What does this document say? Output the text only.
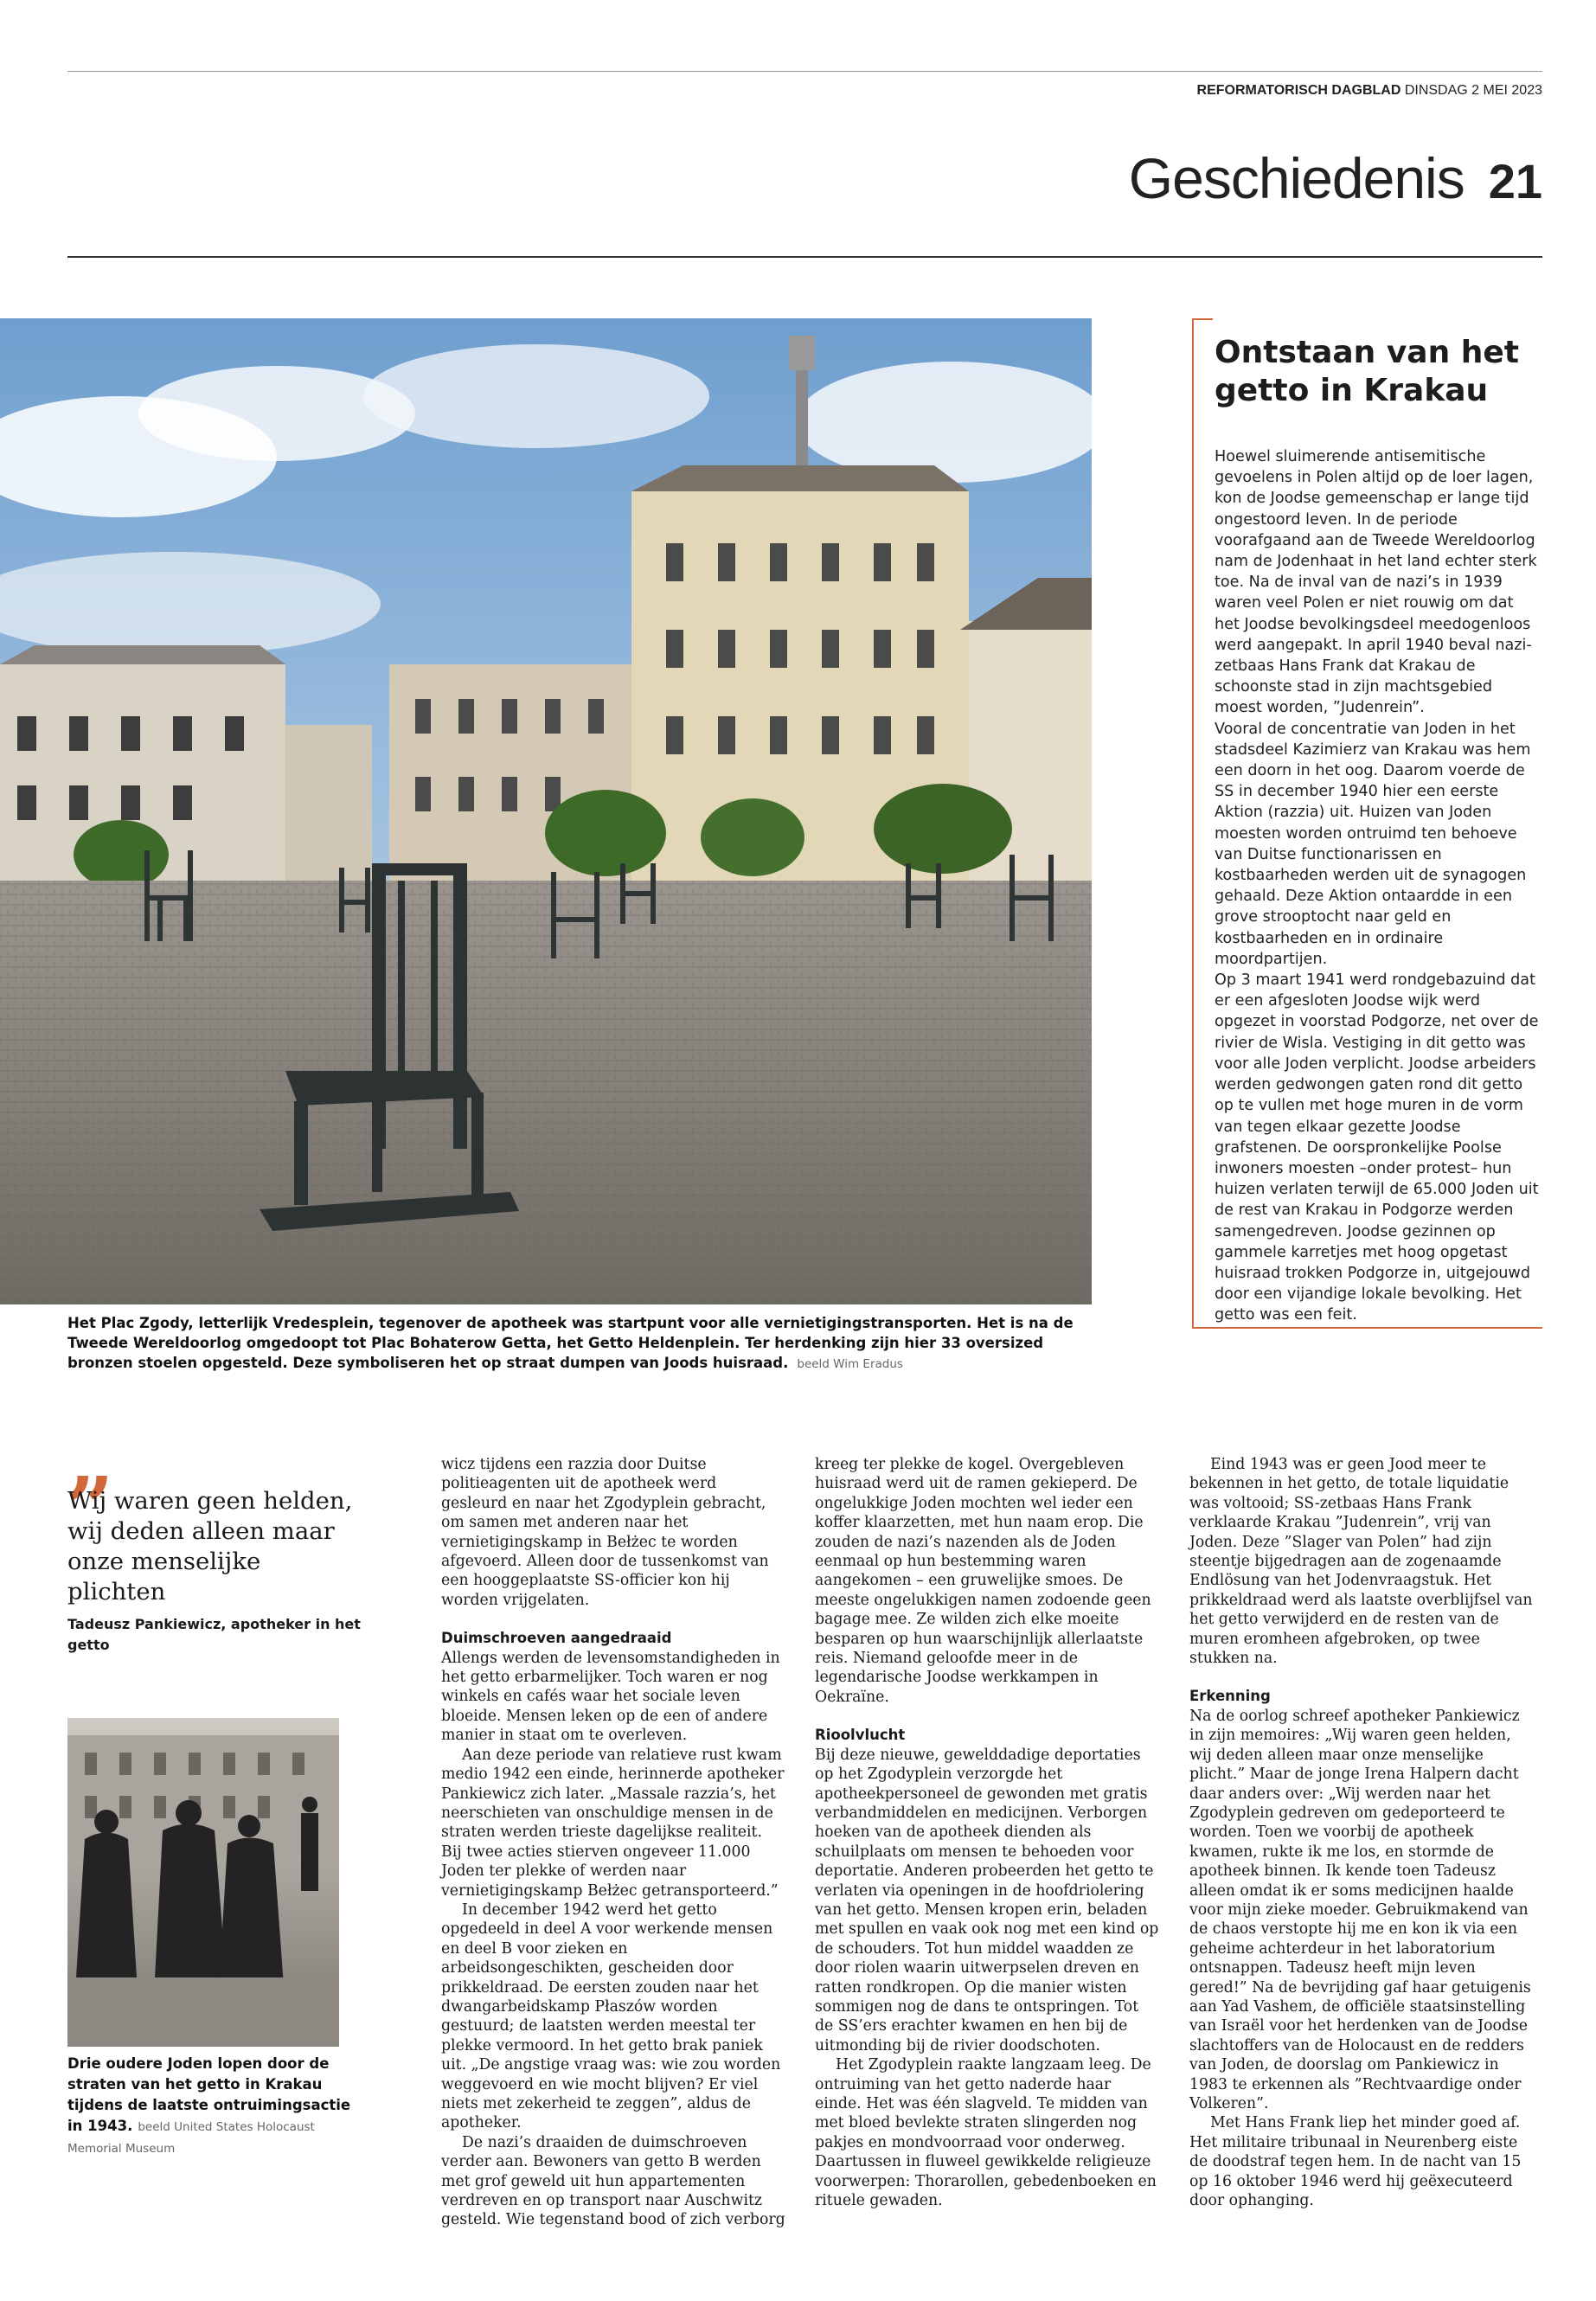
REFORMATORISCH DAGBLAD DINSDAG 2 MEI 2023
Geschiedenis 21
Het Plac Zgody, letterlijk Vredesplein, tegenover de apotheek was startpunt voor alle vernietigingstransporten. Het is na de Tweede Wereldoorlog omgedoopt tot Plac Bohaterow Getta, het Getto Heldenplein. Ter herdenking zijn hier 33 oversized bronzen stoelen opgesteld. Deze symboliseren het op straat dumpen van Joods huisraad. beeld Wim Eradus
Ontstaan van het getto in Krakau

Hoewel sluimerende antisemitische gevoelens in Polen altijd op de loer lagen, kon de Joodse gemeenschap er lange tijd ongestoord leven. In de periode voorafgaand aan de Tweede Wereldoorlog nam de Jodenhaat in het land echter sterk toe. Na de inval van de nazi’s in 1939 waren veel Polen er niet rouwig om dat het Joodse bevolkingsdeel meedogenloos werd aangepakt. In april 1940 beval nazi-zetbaas Hans Frank dat Krakau de schoonste stad in zijn machtsgebied moest worden, ”Judenrein”.

Vooral de concentratie van Joden in het stadsdeel Kazimierz van Krakau was hem een doorn in het oog. Daarom voerde de SS in december 1940 hier een eerste Aktion (razzia) uit. Huizen van Joden moesten worden ontruimd ten behoeve van Duitse functionarissen en kostbaarheden werden uit de synagogen gehaald. Deze Aktion ontaardde in een grove strooptocht naar geld en kostbaarheden en in ordinaire moordpartijen.

Op 3 maart 1941 werd rondgebazuind dat er een afgesloten Joodse wijk werd opgezet in voorstad Podgorze, net over de rivier de Wisla. Vestiging in dit getto was voor alle Joden verplicht. Joodse arbeiders werden gedwongen gaten rond dit getto op te vullen met hoge muren in de vorm van tegen elkaar gezette Joodse grafstenen. De oorspronkelijke Poolse inwoners moesten –onder protest– hun huizen verlaten terwijl de 65.000 Joden uit de rest van Krakau in Podgorze werden samengedreven. Joodse gezinnen op gammele karretjes met hoog opgetast huisraad trokken Podgorze in, uitgejouwd door een vijandige lokale bevolking. Het getto was een feit.

„
Wij waren geen helden, wij deden alleen maar onze menselijke plichten
Tadeusz Pankiewicz, apotheker in het getto
Drie oudere Joden lopen door de straten van het getto in Krakau tijdens de laatste ontruimingsactie in 1943. beeld United States Holocaust Memorial Museum

wicz tijdens een razzia door Duitse politieagenten uit de apotheek werd gesleurd en naar het Zgodyplein gebracht, om samen met anderen naar het vernietigingskamp in Bełżec te worden afgevoerd. Alleen door de tussenkomst van een hooggeplaatste SS-officier kon hij worden vrijgelaten.

Duimschroeven aangedraaid

Allengs werden de levensomstandigheden in het getto erbarmelijker. Toch waren er nog winkels en cafés waar het sociale leven bloeide. Mensen leken op de een of andere manier in staat om te overleven.

Aan deze periode van relatieve rust kwam medio 1942 een einde, herinnerde apotheker Pankiewicz zich later. „Massale razzia’s, het neerschieten van onschuldige mensen in de straten werden trieste dagelijkse realiteit. Bij twee acties stierven ongeveer 11.000 Joden ter plekke of werden naar vernietigingskamp Bełżec getransporteerd.”

In december 1942 werd het getto opgedeeld in deel A voor werkende mensen en deel B voor zieken en arbeidsongeschikten, gescheiden door prikkeldraad. De eersten zouden naar het dwangarbeidskamp Płaszów worden gestuurd; de laatsten werden meestal ter plekke vermoord. In het getto brak paniek uit. „De angstige vraag was: wie zou worden weggevoerd en wie mocht blijven? Er viel niets met zekerheid te zeggen”, aldus de apotheker.

De nazi’s draaiden de duimschroeven verder aan. Bewoners van getto B werden met grof geweld uit hun appartementen verdreven en op transport naar Auschwitz gesteld. Wie tegenstand bood of zich verborg

kreeg ter plekke de kogel. Overgebleven huisraad werd uit de ramen gekieperd. De ongelukkige Joden mochten wel ieder een koffer klaarzetten, met hun naam erop. Die zouden de nazi’s nazenden als de Joden eenmaal op hun bestemming waren aangekomen – een gruwelijke smoes. De meeste ongelukkigen namen zodoende geen bagage mee. Ze wilden zich elke moeite besparen op hun waarschijnlijk allerlaatste reis. Niemand geloofde meer in de legendarische Joodse werkkampen in Oekraïne.

Rioolvlucht

Bij deze nieuwe, gewelddadige deportaties op het Zgodyplein verzorgde het apotheekpersoneel de gewonden met gratis verbandmiddelen en medicijnen. Verborgen hoeken van de apotheek dienden als schuilplaats om mensen te behoeden voor deportatie. Anderen probeerden het getto te verlaten via openingen in de hoofdriolering van het getto. Mensen kropen erin, beladen met spullen en vaak ook nog met een kind op de schouders. Tot hun middel waadden ze door riolen waarin uitwerpselen dreven en ratten rondkropen. Op die manier wisten sommigen nog de dans te ontspringen. Tot de SS’ers erachter kwamen en hen bij de uitmonding bij de rivier doodschoten.

Het Zgodyplein raakte langzaam leeg. De ontruiming van het getto naderde haar einde. Het was één slagveld. Te midden van met bloed bevlekte straten slingerden nog pakjes en mondvoorraad voor onderweg. Daartussen in fluweel gewikkelde religieuze voorwerpen: Thorarollen, gebedenboeken en rituele gewaden.

Eind 1943 was er geen Jood meer te bekennen in het getto, de totale liquidatie was voltooid; SS-zetbaas Hans Frank verklaarde Krakau ”Judenrein”, vrij van Joden. Deze ”Slager van Polen” had zijn steentje bijgedragen aan de zogenaamde Endlösung van het Jodenvraagstuk. Het prikkeldraad werd als laatste overblijfsel van het getto verwijderd en de resten van de muren eromheen afgebroken, op twee stukken na.

Erkenning

Na de oorlog schreef apotheker Pankiewicz in zijn memoires: „Wij waren geen helden, wij deden alleen maar onze menselijke plicht.” Maar de jonge Irena Halpern dacht daar anders over: „Wij werden naar het Zgodyplein gedreven om gedeporteerd te worden. Toen we voorbij de apotheek kwamen, rukte ik me los, en stormde de apotheek binnen. Ik kende toen Tadeusz alleen omdat ik er soms medicijnen haalde voor mijn zieke moeder. Gebruikmakend van de chaos verstopte hij me en kon ik via een geheime achterdeur in het laboratorium ontsnappen. Tadeusz heeft mijn leven gered!” Na de bevrijding gaf haar getuigenis aan Yad Vashem, de officiële staatsinstelling van Israël voor het herdenken van de Joodse slachtoffers van de Holocaust en de redders van Joden, de doorslag om Pankiewicz in 1983 te erkennen als ”Rechtvaardige onder Volkeren”.

Met Hans Frank liep het minder goed af. Het militaire tribunaal in Neurenberg eiste de doodstraf tegen hem. In de nacht van 15 op 16 oktober 1946 werd hij geëxecuteerd door ophanging.
